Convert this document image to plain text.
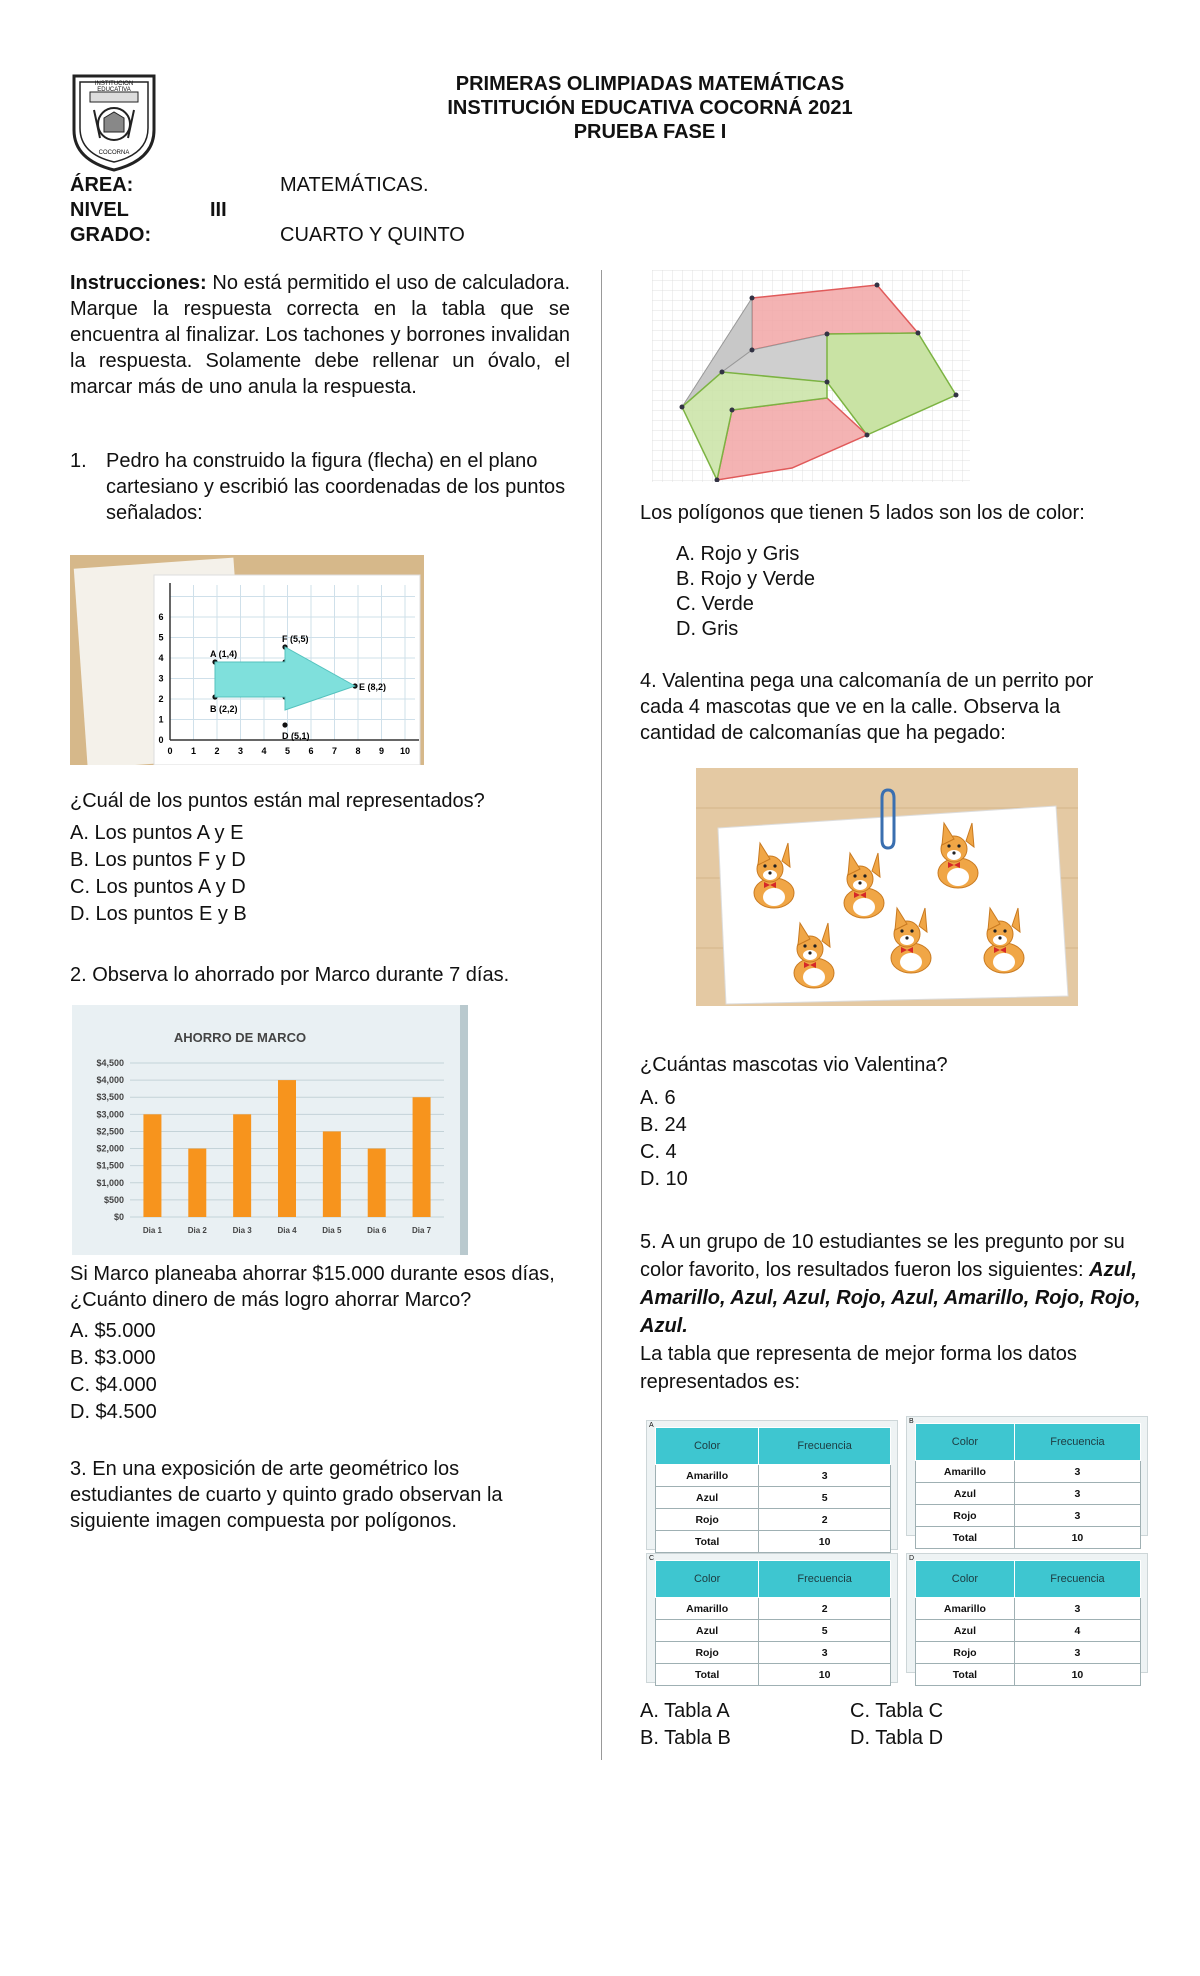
INSTITUCION EDUCATIVA
COCORNA
PRIMERAS OLIMPIADAS MATEMÁTICAS
INSTITUCIÓN EDUCATIVA COCORNÁ 2021
PRUEBA FASE I
ÁREA:	MATEMÁTICAS.
NIVEL	III
GRADO:	CUARTO Y QUINTO

Instrucciones: No está permitido el uso de calculadora. Marque la respuesta correcta en la tabla que se encuentra al finalizar. Los tachones y borrones invalidan la respuesta. Solamente debe rellenar un óvalo, el marcar más de uno anula la respuesta.

1. Pedro ha construido la figura (flecha) en el plano cartesiano y escribió las coordenadas de los puntos señalados:

0 1 2 3 4 5 6 7 8 9 10
0
1
2
3
4
5
6
A (1,4)
B (2,2)
F (5,5)
D (5,1)
E (8,2)

¿Cuál de los puntos están mal representados?

A. Los puntos A y E
B. Los puntos F y D
C. Los puntos A y D
D. Los puntos E y B

2. Observa lo ahorrado por Marco durante 7 días.

AHORRO DE MARCO
$0
$500
$1,000
$1,500
$2,000
$2,500
$3,000
$3,500
$4,000
$4,500
Dia 1	Dia 2	Dia 3	Dia 4	Dia 5	Dia 6	Dia 7

Si Marco planeaba ahorrar $15.000 durante esos días, ¿Cuánto dinero de más logro ahorrar Marco?

A. $5.000
B. $3.000
C. $4.000
D. $4.500

3. En una exposición de arte geométrico los estudiantes de cuarto y quinto grado observan la siguiente imagen compuesta por polígonos.

Los polígonos que tienen 5 lados son los de color:

A. Rojo y Gris
B. Rojo y Verde
C. Verde
D. Gris

4. Valentina pega una calcomanía de un perrito por cada 4 mascotas que ve en la calle. Observa la cantidad de calcomanías que ha pegado:

¿Cuántas mascotas vio Valentina?

A. 6
B. 24
C. 4
D. 10

5. A un grupo de 10 estudiantes se les pregunto por su color favorito, los resultados fueron los siguientes: Azul, Amarillo, Azul, Azul, Rojo, Azul, Amarillo, Rojo, Rojo, Azul.
La tabla que representa de mejor forma los datos representados es:

A
Color	Frecuencia
Amarillo	3
Azul	5
Rojo	2
Total	10
B
Color	Frecuencia
Amarillo	3
Azul	3
Rojo	3
Total	10
C
Color	Frecuencia
Amarillo	2
Azul	5
Rojo	3
Total	10
D
Color	Frecuencia
Amarillo	3
Azul	4
Rojo	3
Total	10
A. Tabla A
B. Tabla B
C. Tabla C
D. Tabla D
